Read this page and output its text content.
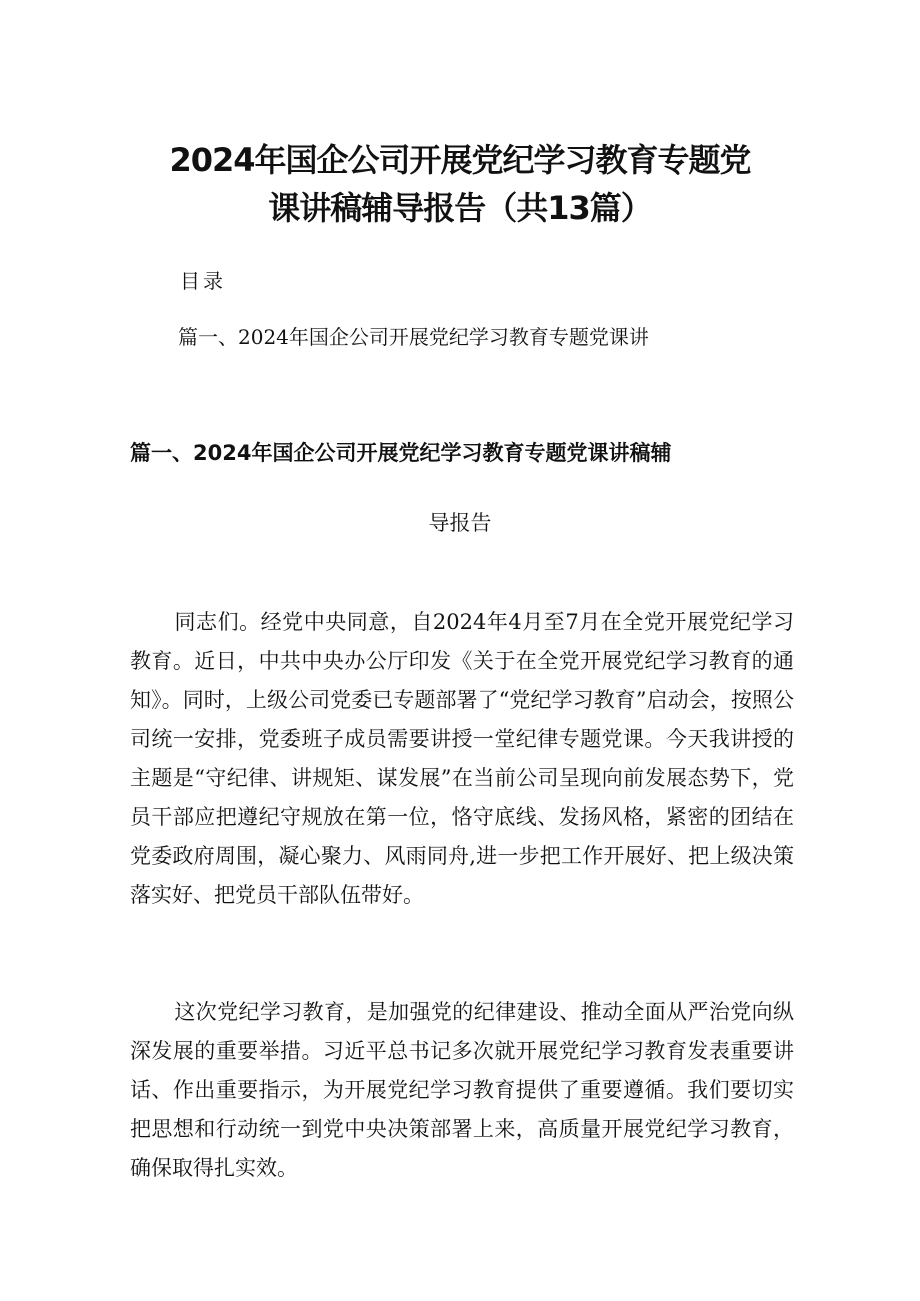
2024年国企公司开展党纪学习教育专题党
课讲稿辅导报告（共13篇）
目录
篇一、2024年国企公司开展党纪学习教育专题党课讲
篇一、2024年国企公司开展党纪学习教育专题党课讲稿辅
导报告

同志们。经党中央同意，自2024年4月至7月在全党开展党纪学习教育。近日，中共中央办公厅印发《关于在全党开展党纪学习教育的通知》。同时，上级公司党委已专题部署了“党纪学习教育”启动会，按照公司统一安排，党委班子成员需要讲授一堂纪律专题党课。今天我讲授的主题是“守纪律、讲规矩、谋发展”在当前公司呈现向前发展态势下，党员干部应把遵纪守规放在第一位，恪守底线、发扬风格，紧密的团结在党委政府周围，凝心聚力、风雨同舟,进一步把工作开展好、把上级决策落实好、把党员干部队伍带好。

这次党纪学习教育，是加强党的纪律建设、推动全面从严治党向纵深发展的重要举措。习近平总书记多次就开展党纪学习教育发表重要讲话、作出重要指示，为开展党纪学习教育提供了重要遵循。我们要切实把思想和行动统一到党中央决策部署上来，高质量开展党纪学习教育，确保取得扎实效。
